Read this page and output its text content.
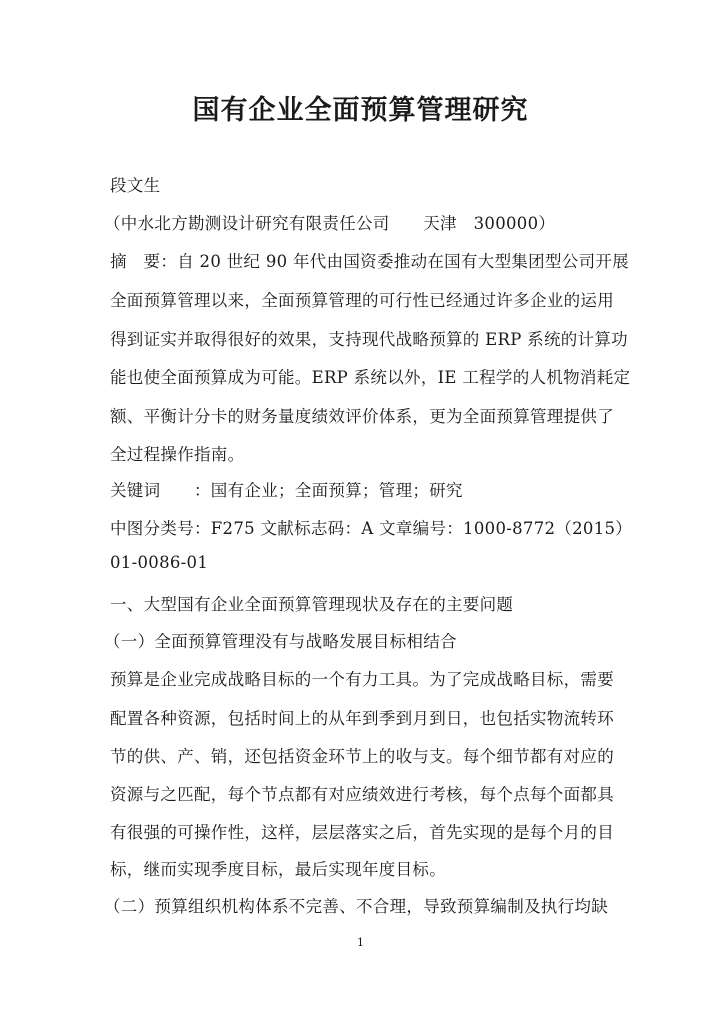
国有企业全面预算管理研究
段文生
（中水北方勘测设计研究有限责任公司　　天津　300000）
摘　要：自 20 世纪 90 年代由国资委推动在国有大型集团型公司开展
全面预算管理以来，全面预算管理的可行性已经通过许多企业的运用
得到证实并取得很好的效果，支持现代战略预算的 ERP 系统的计算功
能也使全面预算成为可能。ERP 系统以外，IE 工程学的人机物消耗定
额、平衡计分卡的财务量度绩效评价体系，更为全面预算管理提供了
全过程操作指南。
关键词　　：国有企业；全面预算；管理；研究
中图分类号：F275 文献标志码：A 文章编号：1000-8772（2015）
01-0086-01
一、大型国有企业全面预算管理现状及存在的主要问题
（一）全面预算管理没有与战略发展目标相结合
预算是企业完成战略目标的一个有力工具。为了完成战略目标，需要
配置各种资源，包括时间上的从年到季到月到日，也包括实物流转环
节的供、产、销，还包括资金环节上的收与支。每个细节都有对应的
资源与之匹配，每个节点都有对应绩效进行考核，每个点每个面都具
有很强的可操作性，这样，层层落实之后，首先实现的是每个月的目
标，继而实现季度目标，最后实现年度目标。
（二）预算组织机构体系不完善、不合理，导致预算编制及执行均缺
1
